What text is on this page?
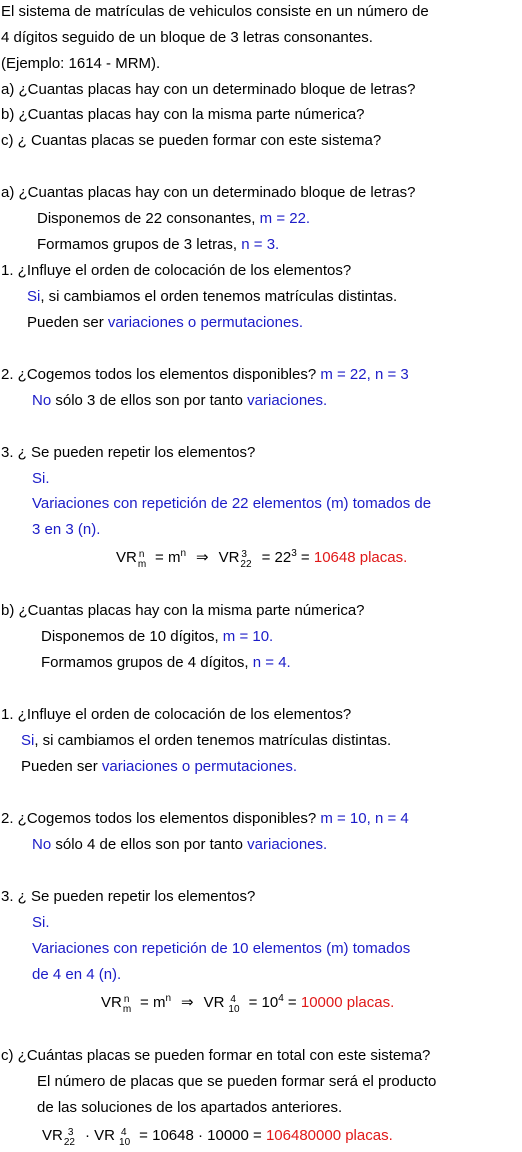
El sistema de matrículas de vehiculos consiste en un número de
4 dígitos seguido de un bloque de 3 letras consonantes.
(Ejemplo: 1614 - MRM).
a) ¿Cuantas placas hay con un determinado bloque de letras?
b) ¿Cuantas placas hay con la misma parte númerica?
c) ¿ Cuantas placas se pueden formar con este sistema?
a) ¿Cuantas placas hay con un determinado bloque de letras?
Disponemos de 22 consonantes, m = 22.
Formamos grupos de 3 letras, n = 3.
1. ¿Influye el orden de colocación de los elementos?
Si, si cambiamos el orden tenemos matrículas distintas.
Pueden ser variaciones o permutaciones.
2. ¿Cogemos todos los elementos disponibles? m = 22, n = 3
No sólo 3 de ellos son por tanto variaciones.
3. ¿ Se pueden repetir los elementos?
Si.
Variaciones con repetición de 22 elementos (m) tomados de
3 en 3 (n).
VR n
$m = m^n$ ⇒ VR 3
$22 = 22^3 = 10648$ placas.
b) ¿Cuantas placas hay con la misma parte númerica?
Disponemos de 10 dígitos, m = 10.
Formamos grupos de 4 dígitos, n = 4.
1. ¿Influye el orden de colocación de los elementos?
Si, si cambiamos el orden tenemos matrículas distintas.
Pueden ser variaciones o permutaciones.
2. ¿Cogemos todos los elementos disponibles? m = 10, n = 4
No sólo 4 de ellos son por tanto variaciones.
3. ¿ Se pueden repetir los elementos?
Si.
Variaciones con repetición de 10 elementos (m) tomados
de 4 en 4 (n).
VR n
$m = m^n$ ⇒ VR 4
$10 = 10^4 = 10000$ placas.
c) ¿Cuántas placas se pueden formar en total con este sistema?
El número de placas que se pueden formar será el producto
de las soluciones de los apartados anteriores.
VR 3
22 · VR 4
10 = 10648 · 10000 = 106480000 placas.
